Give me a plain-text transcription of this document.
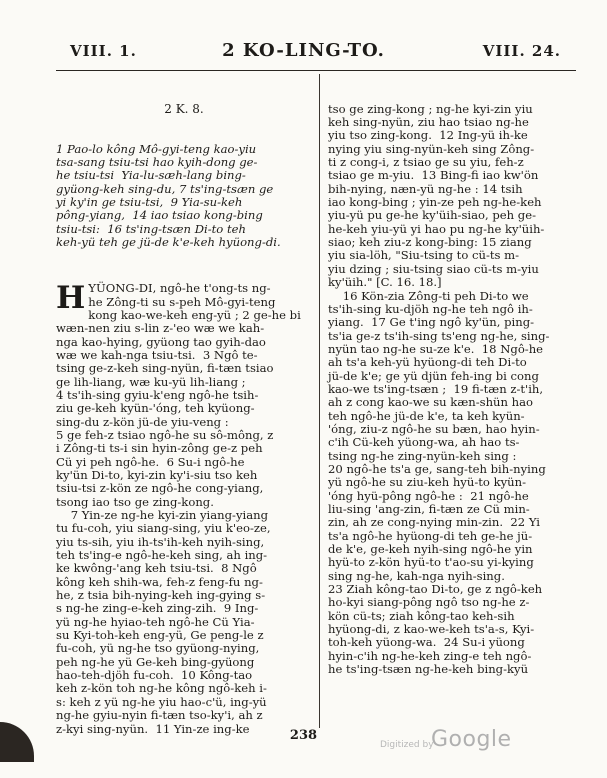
VIII. 1.	2 KO-LING-TO.	VIII. 24.

2 K. 8.

1 Pao-lo kông Mô-gyi-teng kao-yiu
tsa-sang tsiu-tsi hao kyih-dong ge-
he tsiu-tsi  Yia-lu-sæh-lang bing-
gyüong-keh sing-du, 7 ts'ing-tsæn ge
yi ky'in ge tsiu-tsi,  9 Yia-su-keh
pông-yiang,  14 iao tsiao kong-bing
tsiu-tsi:  16 ts'ing-tsæn Di-to teh
keh-yü teh ge jü-de k'e-keh hyüong-di.

HYÜONG-DI, ngô-he t'ong-ts ng-
he Zông-ti su s-peh Mô-gyi-teng
kong kao-we-keh eng-yü ; 2 ge-he bi
wæn-nen ziu s-lin z-'eo wæ we kah-
nga kao-hying, gyüong tao gyih-dao
wæ we kah-nga tsiu-tsi.  3 Ngô te-
tsing ge-z-keh sing-nyün, fi-tæn tsiao
ge lih-liang, wæ ku-yü lih-liang ;
4 ts'ih-sing gyiu-k'eng ngô-he tsih-
ziu ge-keh kyün-'óng, teh kyüong-
sing-du z-kön jü-de yiu-veng :
5 ge feh-z tsiao ngô-he su sô-mông, z
i Zông-ti ts-i sin hyin-zông ge-z peh
Cü yi peh ngô-he.  6 Su-i ngô-he
ky'ün Di-to, kyi-zin ky'i-siu tso keh
tsiu-tsi z-kön ze ngô-he cong-yiang,
tsong iao tso ge zing-kong.
7 Yin-ze ng-he kyi-zin yiang-yiang
tu fu-coh, yiu siang-sing, yiu k'eo-ze,
yiu ts-sih, yiu ih-ts'ih-keh nyih-sing,
teh ts'ing-e ngô-he-keh sing, ah ing-
ke kwông-'ang keh tsiu-tsi.  8 Ngô
kông keh shih-wa, feh-z feng-fu ng-
he, z tsia bih-nying-keh ing-gying s-
s ng-he zing-e-keh zing-zih.  9 Ing-
yü ng-he hyiao-teh ngô-he Cü Yia-
su Kyi-toh-keh eng-yü, Ge peng-le z
fu-coh, yü ng-he tso gyüong-nying,
peh ng-he yü Ge-keh bing-gyüong
hao-teh-djöh fu-coh.  10 Kông-tao
keh z-kön toh ng-he kông ngô-keh i-
s: keh z yü ng-he yiu hao-c'ü, ing-yü
ng-he gyiu-nyin fi-tæn tso-ky'i, ah z
z-kyi sing-nyün.  11 Yin-ze ing-ke

tso ge zing-kong ; ng-he kyi-zin yiu
keh sing-nyün, ziu hao tsiao ng-he
yiu tso zing-kong.  12 Ing-yü ih-ke
nying yiu sing-nyün-keh sing Zông-
ti z cong-i, z tsiao ge su yiu, feh-z
tsiao ge m-yiu.  13 Bing-fi iao kw'ön
bih-nying, næn-yü ng-he : 14 tsih
iao kong-bing ; yin-ze peh ng-he-keh
yiu-yü pu ge-he ky'üih-siao, peh ge-
he-keh yiu-yü yi hao pu ng-he ky'üih-
siao; keh ziu-z kong-bing: 15 ziang
yiu sia-löh, "Siu-tsing to cü-ts m-
yiu dzing ; siu-tsing siao cü-ts m-yiu
ky'üih." [C. 16. 18.]
16 Kön-zia Zông-ti peh Di-to we
ts'ih-sing ku-djöh ng-he teh ngô ih-
yiang.  17 Ge t'ing ngô ky'ün, ping-
ts'ia ge-z ts'ih-sing ts'eng ng-he, sing-
nyün tao ng-he su-ze k'e.  18 Ngô-he
ah ts'a keh-yü hyüong-di teh Di-to
jü-de k'e; ge yü djün feh-ing bi cong
kao-we ts'ing-tsæn ;  19 fi-tæn z-t'ih,
ah z cong kao-we su kæn-shün hao
teh ngô-he jü-de k'e, ta keh kyün-
'óng, ziu-z ngô-he su bæn, hao hyin-
c'ih Cü-keh yüong-wa, ah hao ts-
tsing ng-he zing-nyün-keh sing :
20 ngô-he ts'a ge, sang-teh bih-nying
yü ngô-he su ziu-keh hyü-to kyün-
'óng hyü-pông ngô-he :  21 ngô-he
liu-sing 'ang-zin, fi-tæn ze Cü min-
zin, ah ze cong-nying min-zin.  22 Yi
ts'a ngô-he hyüong-di teh ge-he jü-
de k'e, ge-keh nyih-sing ngô-he yin
hyü-to z-kön hyü-to t'ao-su yi-kying
sing ng-he, kah-nga nyih-sing.
23 Ziah kông-tao Di-to, ge z ngô-keh
ho-kyi siang-pông ngô tso ng-he z-
kön cü-ts; ziah kông-tao keh-sih
hyüong-di, z kao-we-keh ts'a-s, Kyi-
toh-keh yüong-wa.  24 Su-i yüong
hyin-c'ih ng-he-keh zing-e teh ngô-
he ts'ing-tsæn ng-he-keh bing-kyü

238
Digitized by
Google
